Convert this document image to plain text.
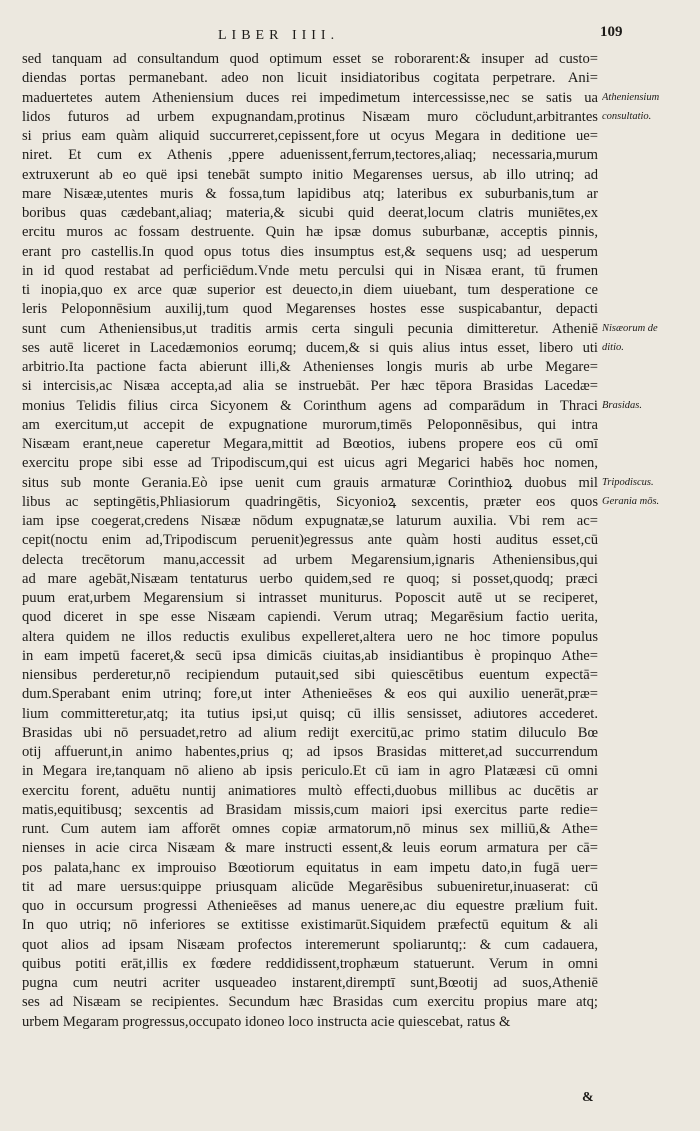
LIBER IIII.	109
sed tanquam ad consultandum quod optimum esset se roborarent:& insuper ad custo=
diendas portas permanebant. adeo non licuit insidiatoribus cogitata perpetrare. Ani=
maduertetes autem Atheniensium duces rei impedimetum intercessisse,nec se satis ua
lidos futuros ad urbem expugnandam,protinus Nisæam muro cöcludunt,arbitrantes
si prius eam quàm aliquid succurreret,cepissent,fore ut ocyus Megara in deditione ue=
niret. Et cum ex Athenis ,ppere aduenissent,ferrum,tectores,aliaq; necessaria,murum
extruxerunt ab eo quë ipsi tenebāt sumpto initio Megarenses uersus, ab illo utrinq; ad
mare Nisææ,utentes muris & fossa,tum lapidibus atq; lateribus ex suburbanis,tum ar
boribus quas cædebant,aliaq; materia,& sicubi quid deerat,locum clatris muniētes,ex
ercitu muros ac fossam destruente. Quin hæ ipsæ domus suburbanæ, acceptis pinnis,
erant pro castellis.In quod opus totus dies insumptus est,& sequens usq; ad uesperum
in id quod restabat ad perficiēdum.Vnde metu perculsi qui in Nisæa erant, tū frumen
ti inopia,quo ex arce quæ superior est deuecto,in diem uiuebant, tum desperatione ce
leris Peloponnēsium auxilij,tum quod Megarenses hostes esse suspicabantur, depacti
sunt cum Atheniensibus,ut traditis armis certa singuli pecunia dimitteretur. Atheniē
ses autē liceret in Lacedæmonios eorumq; ducem,& si quis alius intus esset, libero uti
arbitrio.Ita pactione facta abierunt illi,& Athenienses longis muris ab urbe Megare=
si intercisis,ac Nisæa accepta,ad alia se instruebāt. Per hæc tēpora Brasidas Lacedæ=
monius Telidis filius circa Sicyonem & Corinthum agens ad comparādum in Thraci
am exercitum,ut accepit de expugnatione murorum,timēs Peloponnēsibus, qui intra
Nisæam erant,neue caperetur Megara,mittit ad Bœotios, iubens propere eos cū omī
exercitu prope sibi esse ad Tripodiscum,qui est uicus agri Megarici habēs hoc nomen,
situs sub monte Gerania.Eò ipse uenit cum grauis armaturæ Corinthioꝝ duobus mil
libus ac septingētis,Phliasiorum quadringētis, Sicyonioꝝ sexcentis, præter eos quos
iam ipse coegerat,credens Nisææ nōdum expugnatæ,se laturum auxilia. Vbi rem ac=
cepit(noctu enim ad,Tripodiscum peruenit)egressus ante quàm hosti auditus esset,cū
delecta trecētorum manu,accessit ad urbem Megarensium,ignaris Atheniensibus,qui
ad mare agebāt,Nisæam tentaturus uerbo quidem,sed re quoq; si posset,quodq; præci
puum erat,urbem Megarensium si intrasset muniturus. Poposcit autē ut se reciperet,
quod diceret in spe esse Nisæam capiendi. Verum utraq; Megarēsium factio uerita,
altera quidem ne illos reductis exulibus expelleret,altera uero ne hoc timore populus
in eam impetū faceret,& secū ipsa dimicās ciuitas,ab insidiantibus è propinquo Athe=
niensibus perderetur,nō recipiendum putauit,sed sibi quiescētibus euentum expectā=
dum.Sperabant enim utrinq; fore,ut inter Athenieēses & eos qui auxilio uenerāt,præ=
lium committeretur,atq; ita tutius ipsi,ut quisq; cū illis sensisset, adiutores accederet.
Brasidas ubi nō persuadet,retro ad alium redijt exercitū,ac primo statim diluculo Bœ
otij affuerunt,in animo habentes,prius q; ad ipsos Brasidas mitteret,ad succurrendum
in Megara ire,tanquam nō alieno ab ipsis periculo.Et cū iam in agro Platææsi cū omni
exercitu forent, aduētu nuntij animatiores multò effecti,duobus millibus ac ducētis ar
matis,equitibusq; sexcentis ad Brasidam missis,cum maiori ipsi exercitus parte redie=
runt. Cum autem iam afforēt omnes copiæ armatorum,nō minus sex milliū,& Athe=
nienses in acie circa Nisæam & mare instructi essent,& leuis eorum armatura per cā=
pos palata,hanc ex improuiso Bœotiorum equitatus in eam impetu dato,in fugā uer=
tit ad mare uersus:quippe priusquam alicūde Megarēsibus subueniretur,inuaserat: cū
quo in occursum progressi Athenieēses ad manus uenere,ac diu equestre prælium fuit.
In quo utriq; nō inferiores se extitisse existimarūt.Siquidem præfectū equitum & ali
quot alios ad ipsam Nisæam profectos interemerunt spoliaruntq;: & cum cadauera,
quibus potiti erāt,illis ex fœdere reddidissent,trophæum statuerunt. Verum in omni
pugna cum neutri acriter usqueadeo instarent,diremptī sunt,Bœotij ad suos,Atheniē
ses ad Nisæam se recipientes. Secundum hæc Brasidas cum exercitu propius mare atq;
urbem Megaram progressus,occupato idoneo loco instructa acie quiescebat, ratus &
Atheniensium
consultatio.
Nisæorum de
ditio.
Brasidas.
Tripodiscus.
Gerania mōs.
&
